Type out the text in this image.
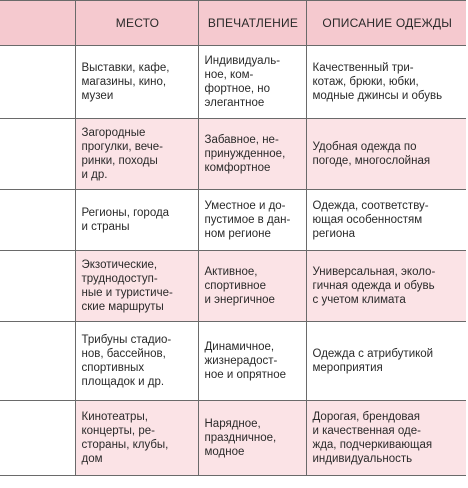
	МЕСТО	ВПЕЧАТЛЕНИЕ	ОПИСАНИЕ ОДЕЖДЫ

	Выставки, кафе,
магазины, кино,
музеи	Индивидуаль-
ное, ком-
фортное, но
элегантное	Качественный три-
котаж, брюки, юбки,
модные джинсы и обувь

	Загородные
прогулки, вече-
ринки, походы
и др.	Забавное, не-
принужденное,
комфортное	Удобная одежда по
погоде, многослойная

	Регионы, города
и страны	Уместное и до-
пустимое в дан-
ном регионе	Одежда, соответству-
ющая особенностям
региона

	Экзотические,
труднодоступ-
ные и туристиче-
ские маршруты	Активное,
спортивное
и энергичное	Универсальная, эколо-
гичная одежда и обувь
с учетом климата

	Трибуны стадио-
нов, бассейнов,
спортивных
площадок и др.	Динамичное,
жизнерадост-
ное и опрятное	Одежда с атрибутикой
мероприятия

	Кинотеатры,
концерты, ре-
стораны, клубы,
дом	Нарядное,
праздничное,
модное	Дорогая, брендовая
и качественная оде-
жда, подчеркивающая
индивидуальность
